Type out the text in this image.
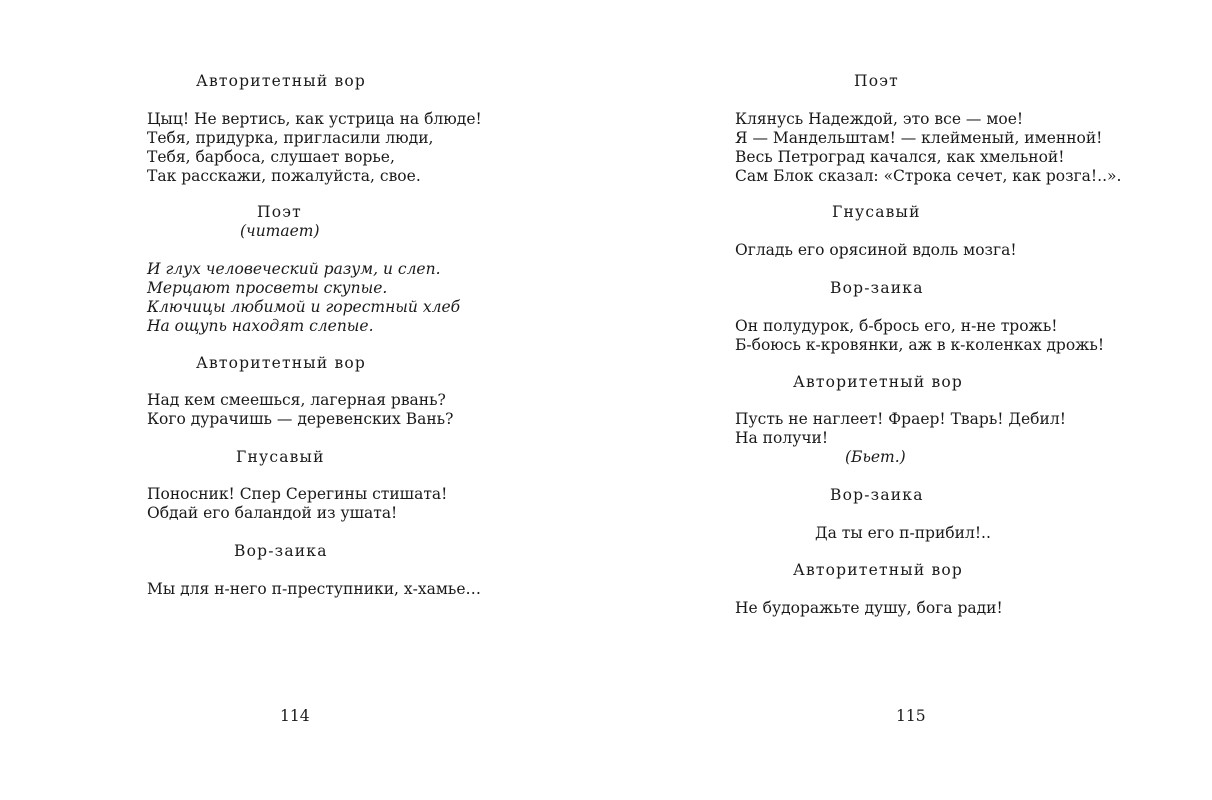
Авторитетный вор
Цыц! Не вертись, как устрица на блюде!
Тебя, придурка, пригласили люди,
Тебя, барбоса, слушает ворье,
Так расскажи, пожалуйста, свое.
Поэт
(читает)
И глух человеческий разум, и слеп.
Мерцают просветы скупые.
Ключицы любимой и горестный хлеб
На ощупь находят слепые.
Авторитетный вор
Над кем смеешься, лагерная рвань?
Кого дурачишь — деревенских Вань?
Гнусавый
Поносник! Спер Серегины стишата!
Обдай его баландой из ушата!
Вор-заика
Мы для н-него п-преступники, х-хамье…
114
Поэт
Клянусь Надеждой, это все — мое!
Я — Мандельштам! — клейменый, именной!
Весь Петроград качался, как хмельной!
Сам Блок сказал: «Строка сечет, как розга!..».
Гнусавый
Огладь его орясиной вдоль мозга!
Вор-заика
Он полудурок, б-брось его, н-не трожь!
Б-боюсь к-кровянки, аж в к-коленках дрожь!
Авторитетный вор
Пусть не наглеет! Фраер! Тварь! Дебил!
На получи!
(Бьет.)
Вор-заика
Да ты его п-прибил!..
Авторитетный вор
Не будоражьте душу, бога ради!
115
